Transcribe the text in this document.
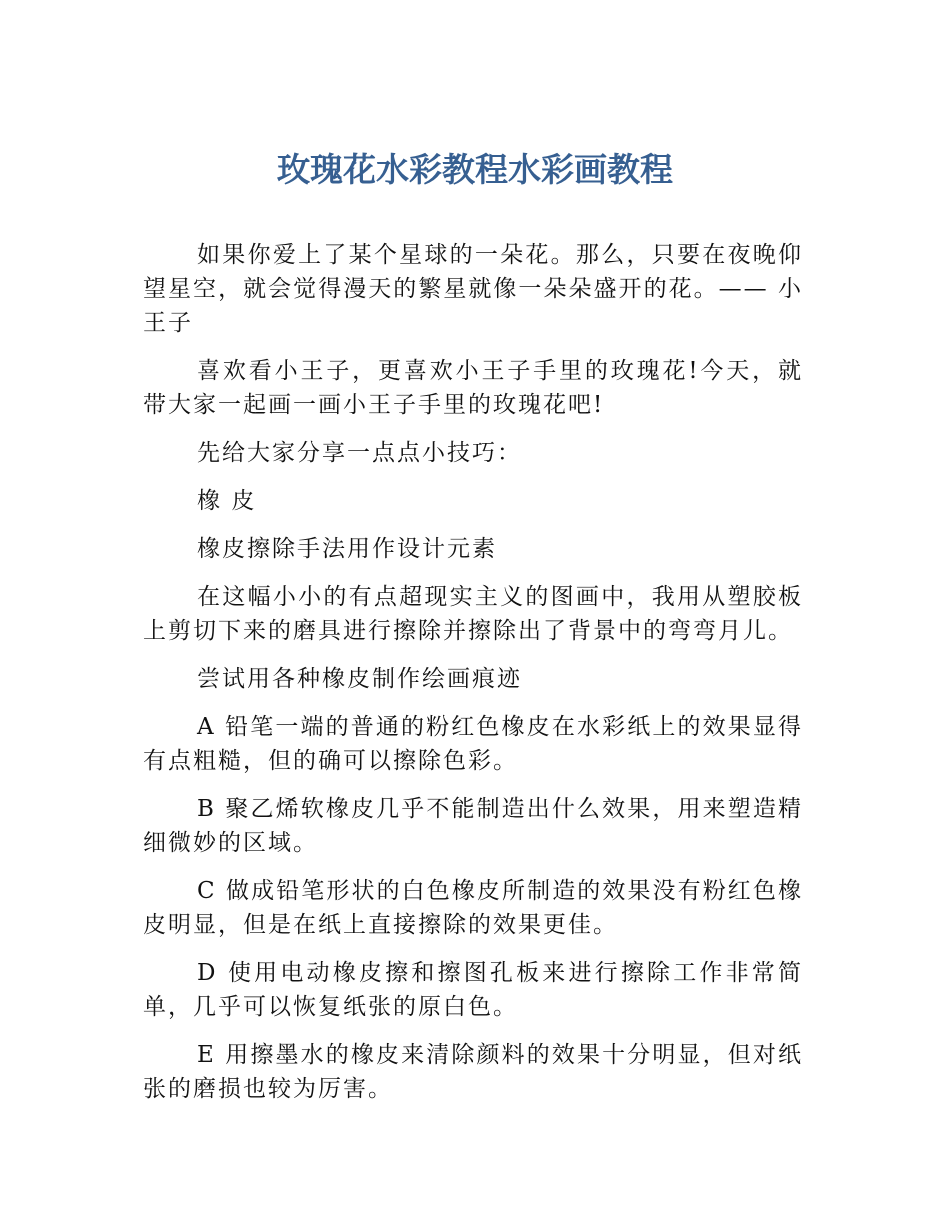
玫瑰花水彩教程水彩画教程

如果你爱上了某个星球的一朵花。那么，只要在夜晚仰望星空，就会觉得漫天的繁星就像一朵朵盛开的花。—— 小王子

喜欢看小王子，更喜欢小王子手里的玫瑰花!今天，就带大家一起画一画小王子手里的玫瑰花吧!

先给大家分享一点点小技巧：

橡 皮

橡皮擦除手法用作设计元素

在这幅小小的有点超现实主义的图画中，我用从塑胶板上剪切下来的磨具进行擦除并擦除出了背景中的弯弯月儿。

尝试用各种橡皮制作绘画痕迹

A 铅笔一端的普通的粉红色橡皮在水彩纸上的效果显得有点粗糙，但的确可以擦除色彩。

B 聚乙烯软橡皮几乎不能制造出什么效果，用来塑造精细微妙的区域。

C 做成铅笔形状的白色橡皮所制造的效果没有粉红色橡皮明显，但是在纸上直接擦除的效果更佳。

D 使用电动橡皮擦和擦图孔板来进行擦除工作非常简单，几乎可以恢复纸张的原白色。

E 用擦墨水的橡皮来清除颜料的效果十分明显，但对纸张的磨损也较为厉害。
